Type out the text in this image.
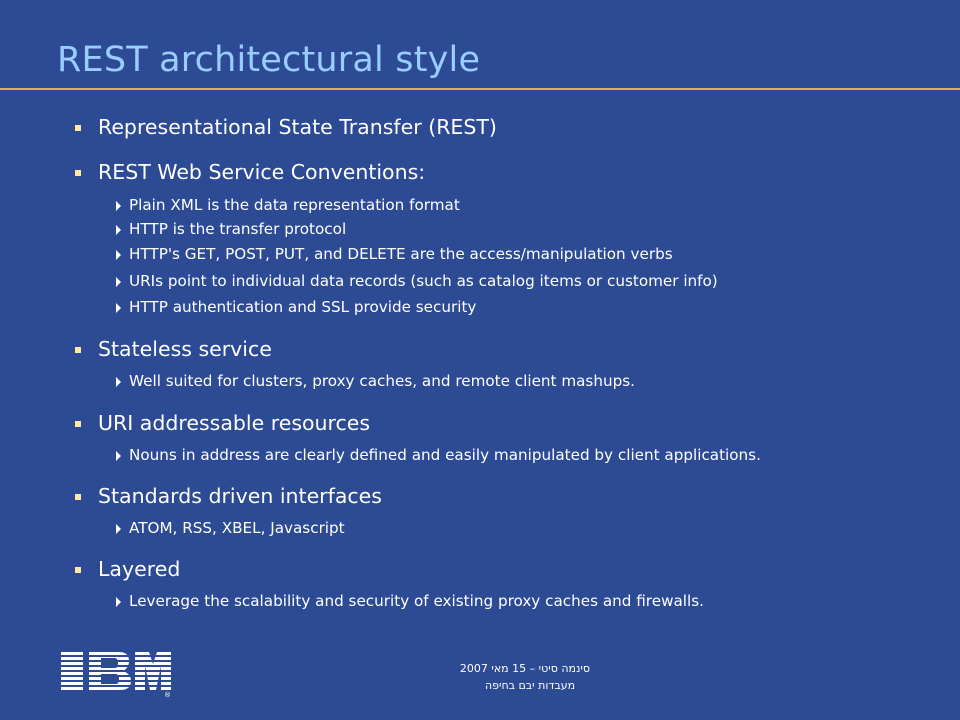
REST architectural style
Representational State Transfer (REST)
REST Web Service Conventions:
Plain XML is the data representation format
HTTP is the transfer protocol
HTTP's GET, POST, PUT, and DELETE are the access/manipulation verbs
URIs point to individual data records (such as catalog items or customer info)
HTTP authentication and SSL provide security
Stateless service
Well suited for clusters, proxy caches, and remote client mashups.
URI addressable resources
Nouns in address are clearly defined and easily manipulated by client applications.
Standards driven interfaces
ATOM, RSS, XBEL, Javascript
Layered
Leverage the scalability and security of existing proxy caches and firewalls.
®
סינמה סיטי – 15 מאי 2007
מעבדות יבם בחיפה
